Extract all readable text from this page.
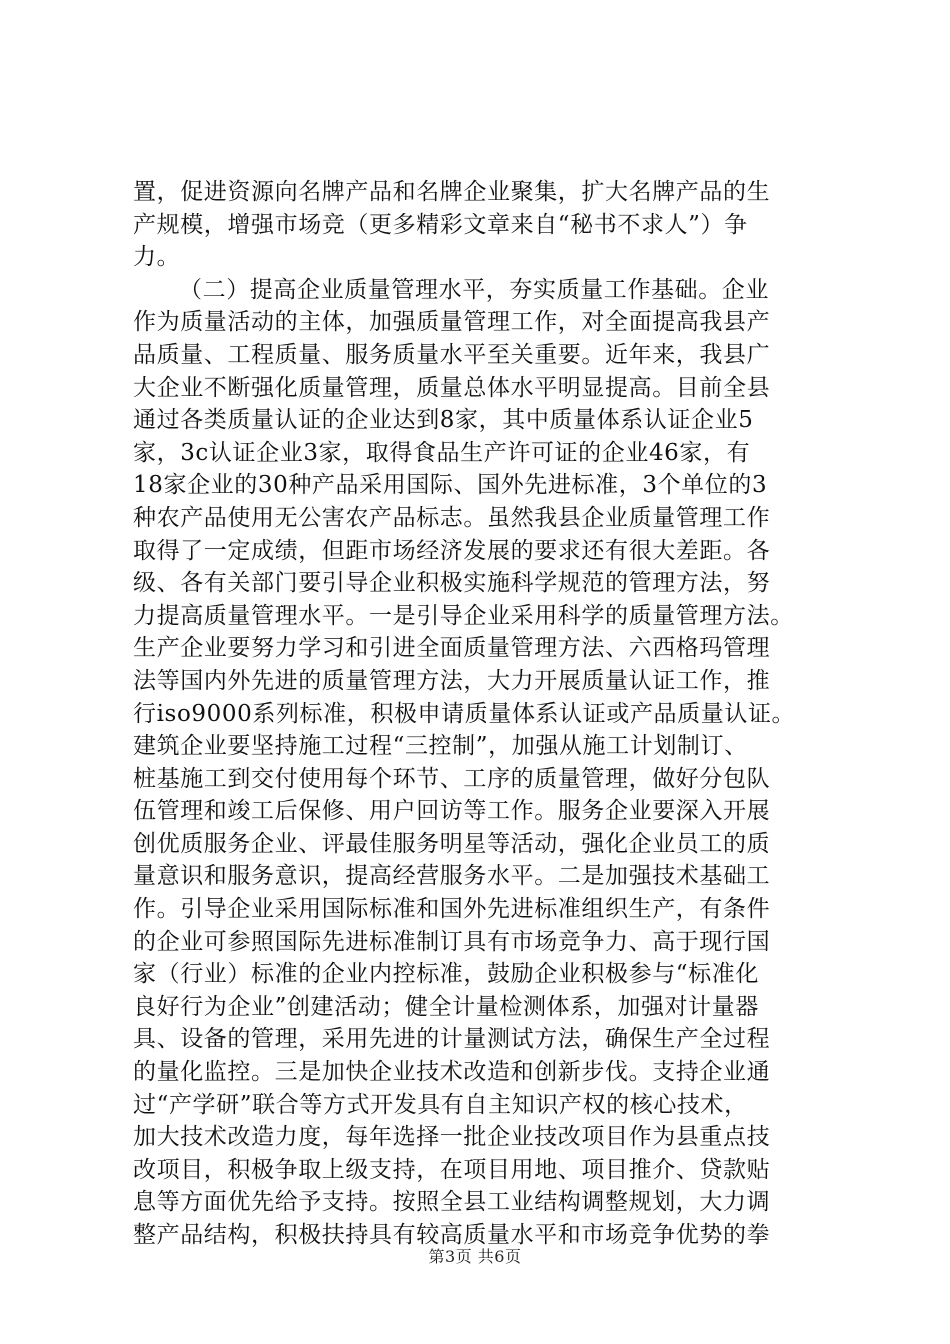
置，促进资源向名牌产品和名牌企业聚集，扩大名牌产品的生
产规模，增强市场竞（更多精彩文章来自“秘书不求人”）争
力。
（二）提高企业质量管理水平，夯实质量工作基础。企业
作为质量活动的主体，加强质量管理工作，对全面提高我县产
品质量、工程质量、服务质量水平至关重要。近年来，我县广
大企业不断强化质量管理，质量总体水平明显提高。目前全县
通过各类质量认证的企业达到8家，其中质量体系认证企业5
家，3c认证企业3家，取得食品生产许可证的企业46家，有
18家企业的30种产品采用国际、国外先进标准，3个单位的3
种农产品使用无公害农产品标志。虽然我县企业质量管理工作
取得了一定成绩，但距市场经济发展的要求还有很大差距。各
级、各有关部门要引导企业积极实施科学规范的管理方法，努
力提高质量管理水平。一是引导企业采用科学的质量管理方法。
生产企业要努力学习和引进全面质量管理方法、六西格玛管理
法等国内外先进的质量管理方法，大力开展质量认证工作，推
行iso9000系列标准，积极申请质量体系认证或产品质量认证。
建筑企业要坚持施工过程“三控制”，加强从施工计划制订、
桩基施工到交付使用每个环节、工序的质量管理，做好分包队
伍管理和竣工后保修、用户回访等工作。服务企业要深入开展
创优质服务企业、评最佳服务明星等活动，强化企业员工的质
量意识和服务意识，提高经营服务水平。二是加强技术基础工
作。引导企业采用国际标准和国外先进标准组织生产，有条件
的企业可参照国际先进标准制订具有市场竞争力、高于现行国
家（行业）标准的企业内控标准，鼓励企业积极参与“标准化
良好行为企业”创建活动；健全计量检测体系，加强对计量器
具、设备的管理，采用先进的计量测试方法，确保生产全过程
的量化监控。三是加快企业技术改造和创新步伐。支持企业通
过“产学研”联合等方式开发具有自主知识产权的核心技术，
加大技术改造力度，每年选择一批企业技改项目作为县重点技
改项目，积极争取上级支持，在项目用地、项目推介、贷款贴
息等方面优先给予支持。按照全县工业结构调整规划，大力调
整产品结构，积极扶持具有较高质量水平和市场竞争优势的拳
第3页 共6页
